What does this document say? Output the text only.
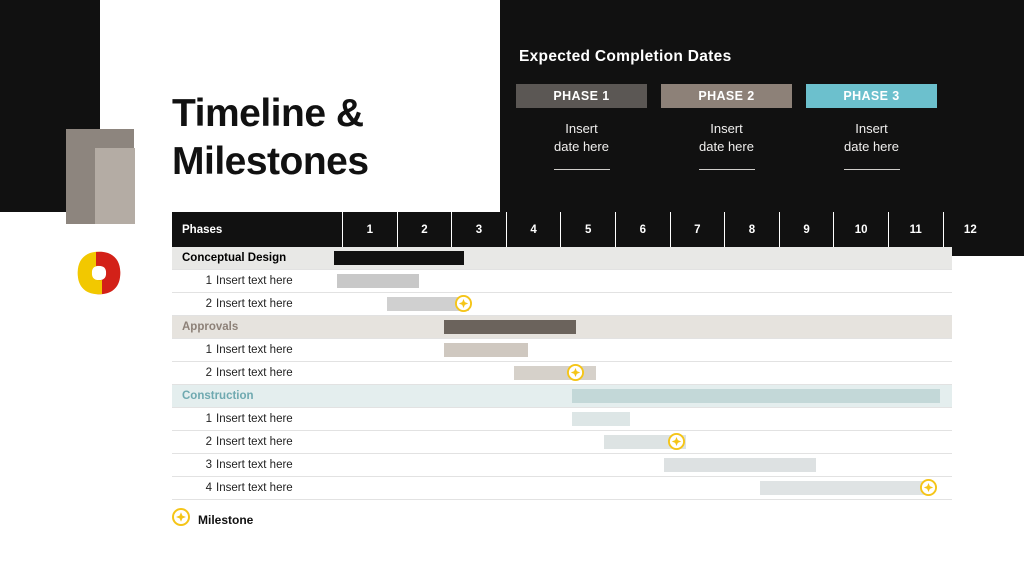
Timeline &
Milestones
Expected Completion Dates
PHASE 1
Insert
date here
PHASE 2
Insert
date here
PHASE 3
Insert
date here
Phases	1	2	3	4	5	6	7	8	9	10	11	12
Conceptual Design
1 Insert text here
2 Insert text here
Approvals
1 Insert text here
2 Insert text here
Construction
1 Insert text here
2 Insert text here
3 Insert text here
4 Insert text here
Milestone
